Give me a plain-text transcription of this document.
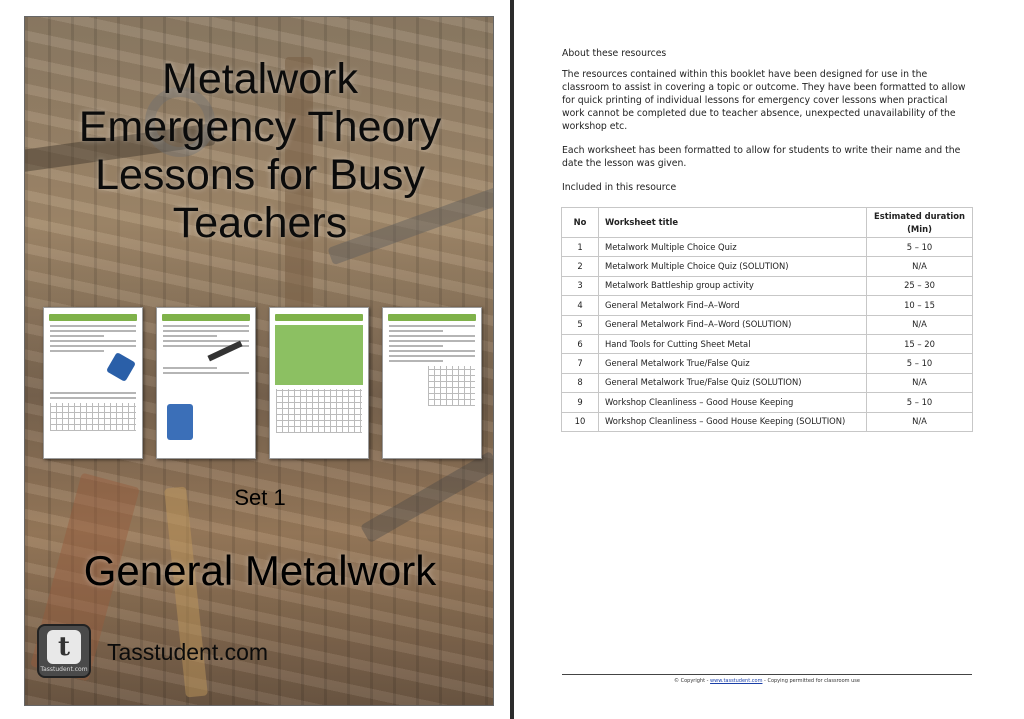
Metalwork
Emergency Theory
Lessons for Busy
Teachers
Set 1
General Metalwork
t
Tasstudent.com
Tasstudent.com
About these resources
The resources contained within this booklet have been designed for use in the classroom to assist in covering a topic or outcome. They have been formatted to allow for quick printing of individual lessons for emergency cover lessons when practical work cannot be completed due to teacher absence, unexpected unavailability of the workshop etc.
Each worksheet has been formatted to allow for students to write their name and the date the lesson was given.
Included in this resource
No	Worksheet title	Estimated duration (Min)
1	Metalwork Multiple Choice Quiz	5 – 10
2	Metalwork Multiple Choice Quiz (SOLUTION)	N/A
3	Metalwork Battleship group activity	25 – 30
4	General Metalwork Find–A–Word	10 – 15
5	General Metalwork Find–A–Word (SOLUTION)	N/A
6	Hand Tools for Cutting Sheet Metal	15 – 20
7	General Metalwork True/False Quiz	5 – 10
8	General Metalwork True/False Quiz (SOLUTION)	N/A
9	Workshop Cleanliness – Good House Keeping	5 – 10
10	Workshop Cleanliness – Good House Keeping (SOLUTION)	N/A
© Copyright - www.tasstudent.com - Copying permitted for classroom use
